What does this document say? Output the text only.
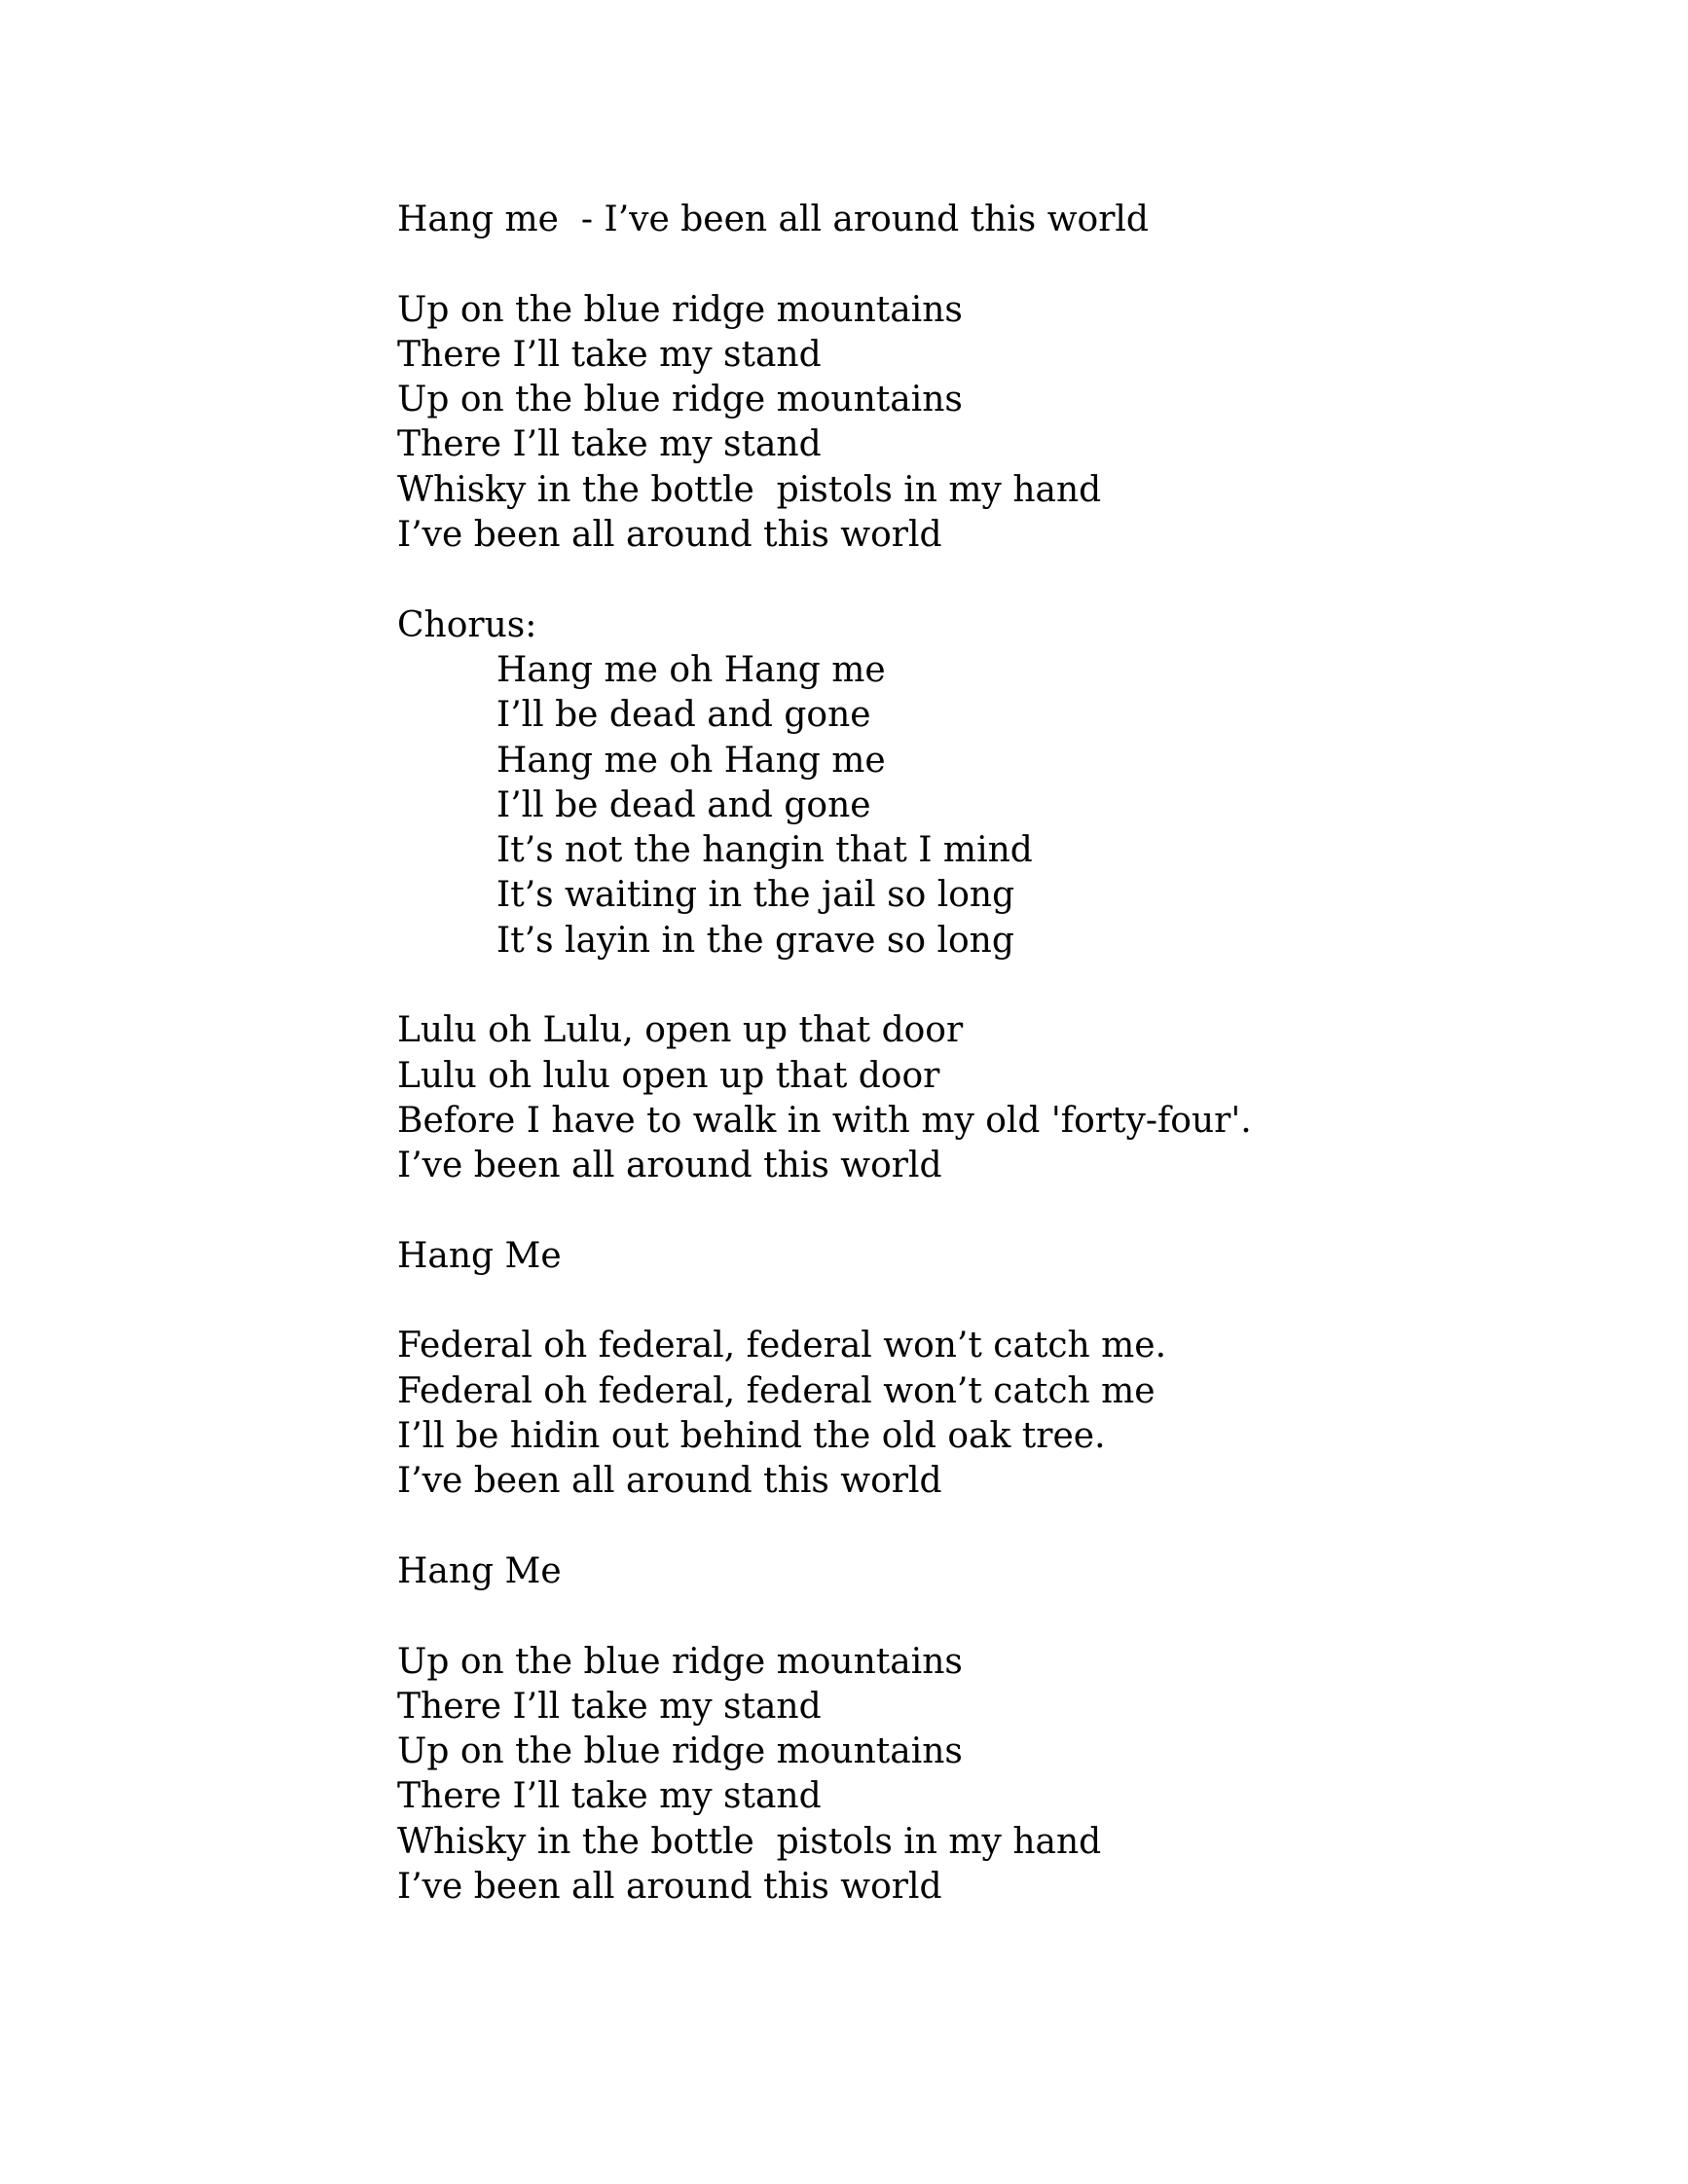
Hang me  - I’ve been all around this world
Up on the blue ridge mountains
There I’ll take my stand
Up on the blue ridge mountains
There I’ll take my stand
Whisky in the bottle  pistols in my hand
I’ve been all around this world
Chorus:
Hang me oh Hang me
I’ll be dead and gone
Hang me oh Hang me
I’ll be dead and gone
It’s not the hangin that I mind
It’s waiting in the jail so long
It’s layin in the grave so long
Lulu oh Lulu, open up that door
Lulu oh lulu open up that door
Before I have to walk in with my old 'forty-four'.
I’ve been all around this world
Hang Me
Federal oh federal, federal won’t catch me.
Federal oh federal, federal won’t catch me
I’ll be hidin out behind the old oak tree.
I’ve been all around this world
Hang Me
Up on the blue ridge mountains
There I’ll take my stand
Up on the blue ridge mountains
There I’ll take my stand
Whisky in the bottle  pistols in my hand
I’ve been all around this world
